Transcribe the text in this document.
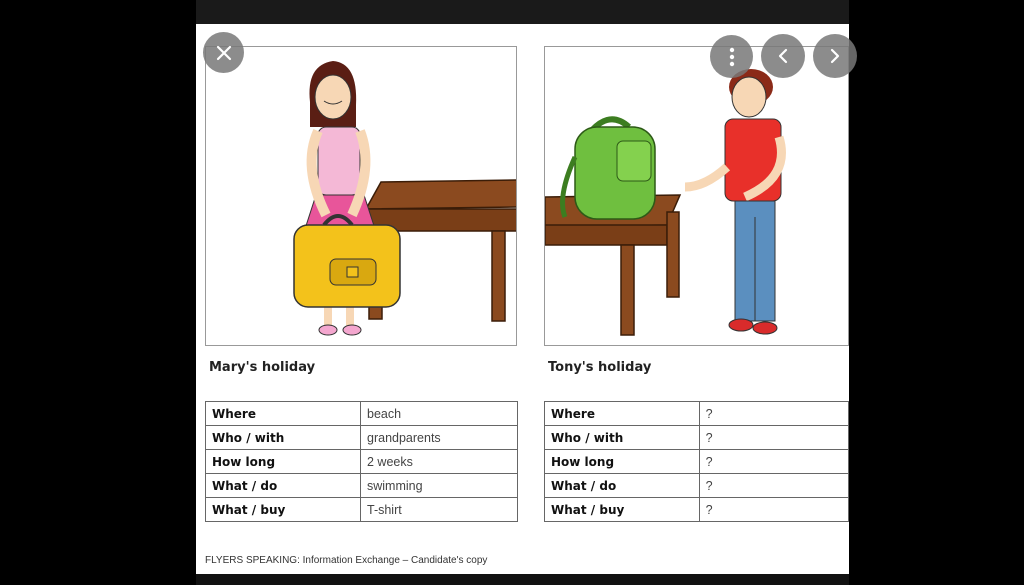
Mary's holiday	Tony's holiday
Where	beach
Who / with	grandparents
How long	2 weeks
What / do	swimming
What / buy	T-shirt
Where	?
Who / with	?
How long	?
What / do	?
What / buy	?
FLYERS SPEAKING: Information Exchange – Candidate's copy
